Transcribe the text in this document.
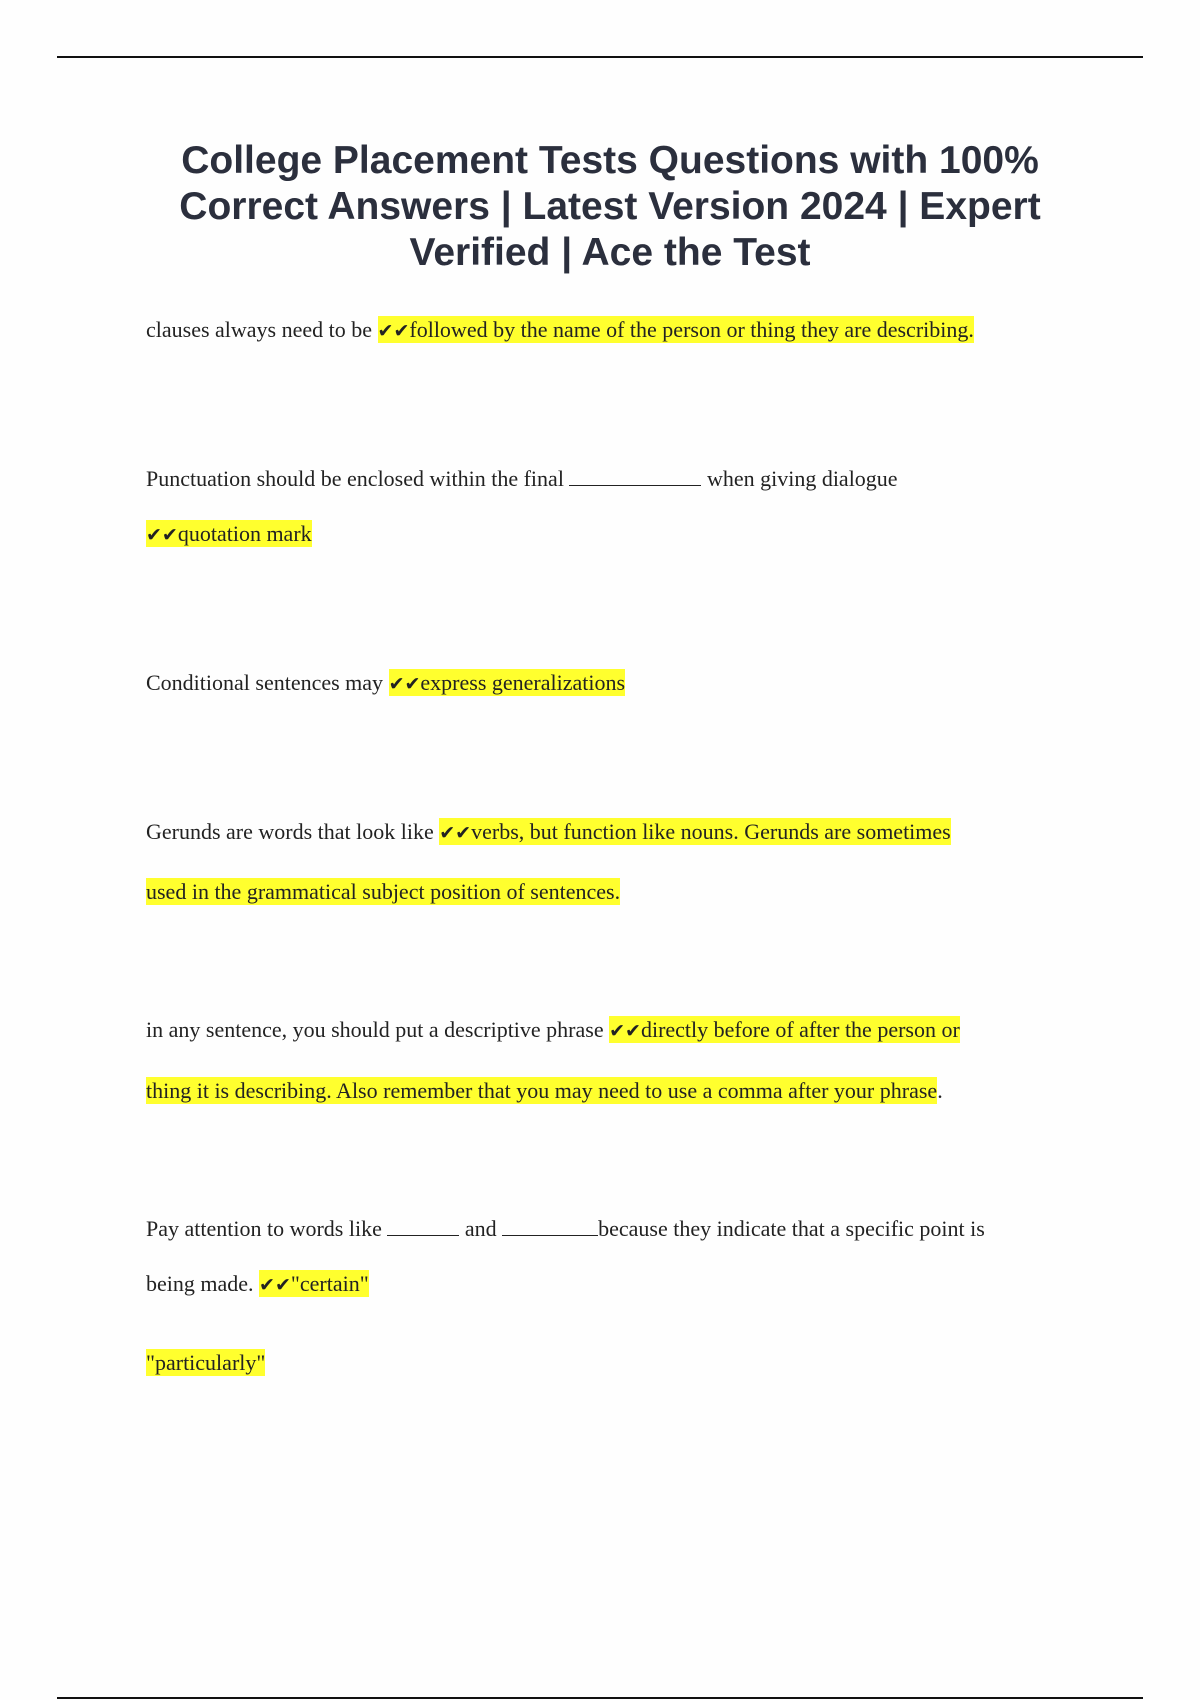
College Placement Tests Questions with 100% Correct Answers | Latest Version 2024 | Expert Verified | Ace the Test
clauses always need to be ✔✔followed by the name of the person or thing they are describing.
Punctuation should be enclosed within the final	when giving dialogue
✔✔quotation mark
Conditional sentences may ✔✔express generalizations
Gerunds are words that look like ✔✔verbs, but function like nouns. Gerunds are sometimes
used in the grammatical subject position of sentences.
in any sentence, you should put a descriptive phrase ✔✔directly before of after the person or
thing it is describing. Also remember that you may need to use a comma after your phrase.
Pay attention to words like	and	because they indicate that a specific point is
being made. ✔✔"certain"
"particularly"
